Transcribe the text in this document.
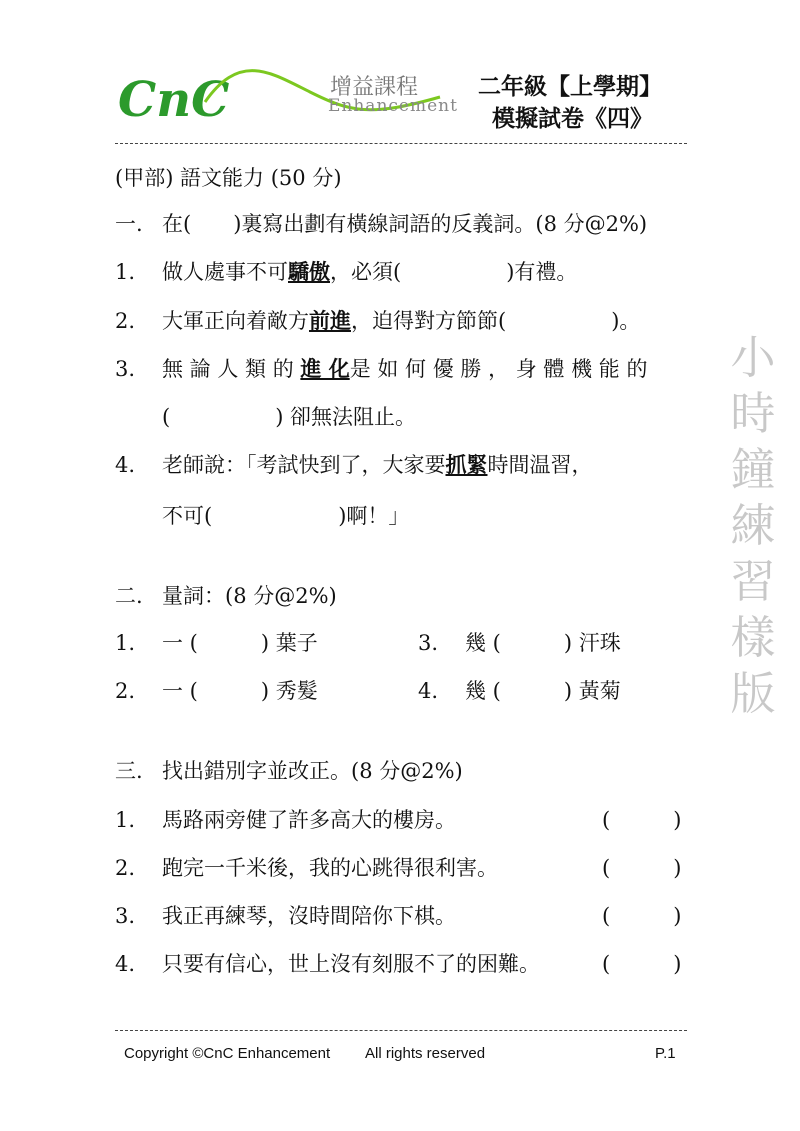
CnC	增益課程
Enhancement
二年級【上學期】
模擬試卷《四》
小時鐘練習樣版
(甲部) 語文能力 (50 分)
一. 在(　　)裏寫出劃有橫線詞語的反義詞。(8 分@2%)
1.	做人處事不可驕傲，必須(　　　　　)有禮。
2.	大軍正向着敵方前進，迫得對方節節(　　　　　)。
3.	無 論 人 類 的 進 化是 如 何 優 勝 ， 身 體 機 能 的
(　　　　　) 卻無法阻止。
4.	老師說：「考試快到了，大家要抓緊時間温習，
不可(　　　　　　)啊！」
二. 量詞：(8 分@2%)
1.	一 (　　　) 葉子	3.	幾 (　　　) 汗珠
2.	一 (　　　) 秀髮	4.	幾 (　　　) 黃菊
三. 找出錯別字並改正。(8 分@2%)
1.	馬路兩旁健了許多高大的樓房。	(　　　)
2.	跑完一千米後，我的心跳得很利害。	(　　　)
3.	我正再練琴，沒時間陪你下棋。	(　　　)
4.	只要有信心，世上沒有刻服不了的困難。	(　　　)
Copyright ©CnC Enhancement All rights reserved	P.1
